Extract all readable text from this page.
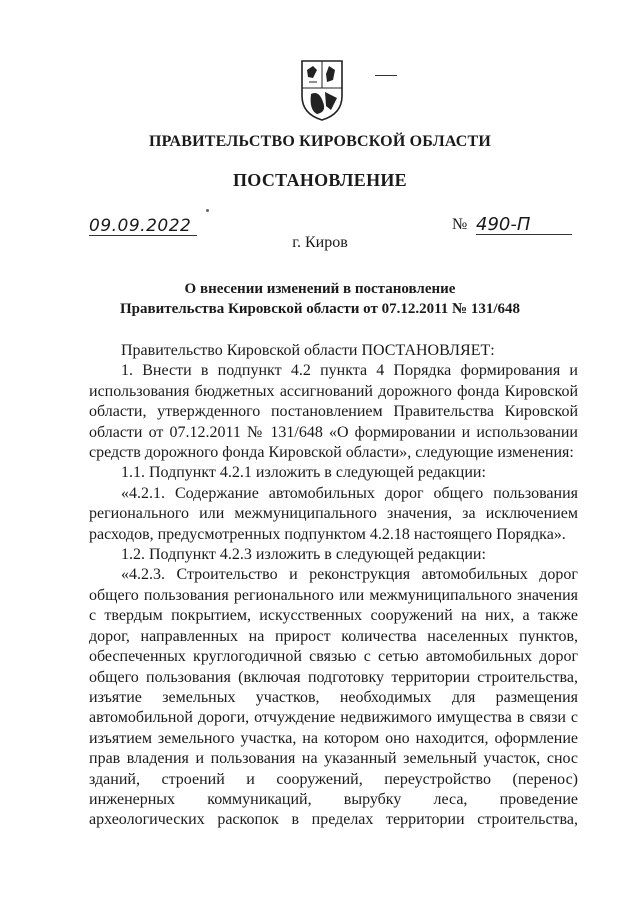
ПРАВИТЕЛЬСТВО КИРОВСКОЙ ОБЛАСТИ
ПОСТАНОВЛЕНИЕ
09.09.2022	№ 490-П
г. Киров
О внесении изменений в постановление
Правительства Кировской области от 07.12.2011 № 131/648

Правительство Кировской области ПОСТАНОВЛЯЕТ:

1. Внести в подпункт 4.2 пункта 4 Порядка формирования и использования бюджетных ассигнований дорожного фонда Кировской области, утвержденного постановлением Правительства Кировской области от 07.12.2011 № 131/648 «О формировании и использовании средств дорожного фонда Кировской области», следующие изменения:

1.1. Подпункт 4.2.1 изложить в следующей редакции:

«4.2.1. Содержание автомобильных дорог общего пользования регионального или межмуниципального значения, за исключением расходов, предусмотренных подпунктом 4.2.18 настоящего Порядка».

1.2. Подпункт 4.2.3 изложить в следующей редакции:

«4.2.3. Строительство и реконструкция автомобильных дорог общего пользования регионального или межмуниципального значения с твердым покрытием, искусственных сооружений на них, а также дорог, направленных на прирост количества населенных пунктов, обеспеченных круглогодичной связью с сетью автомобильных дорог общего пользования (включая подготовку территории строительства, изъятие земельных участков, необходимых для размещения автомобильной дороги, отчуждение недвижимого имущества в связи с изъятием земельного участка, на котором оно находится, оформление прав владения и пользования на указанный земельный участок, снос зданий, строений и сооружений, переустройство (перенос) инженерных коммуникаций, вырубку леса, проведение археологических раскопок в пределах территории строительства,
